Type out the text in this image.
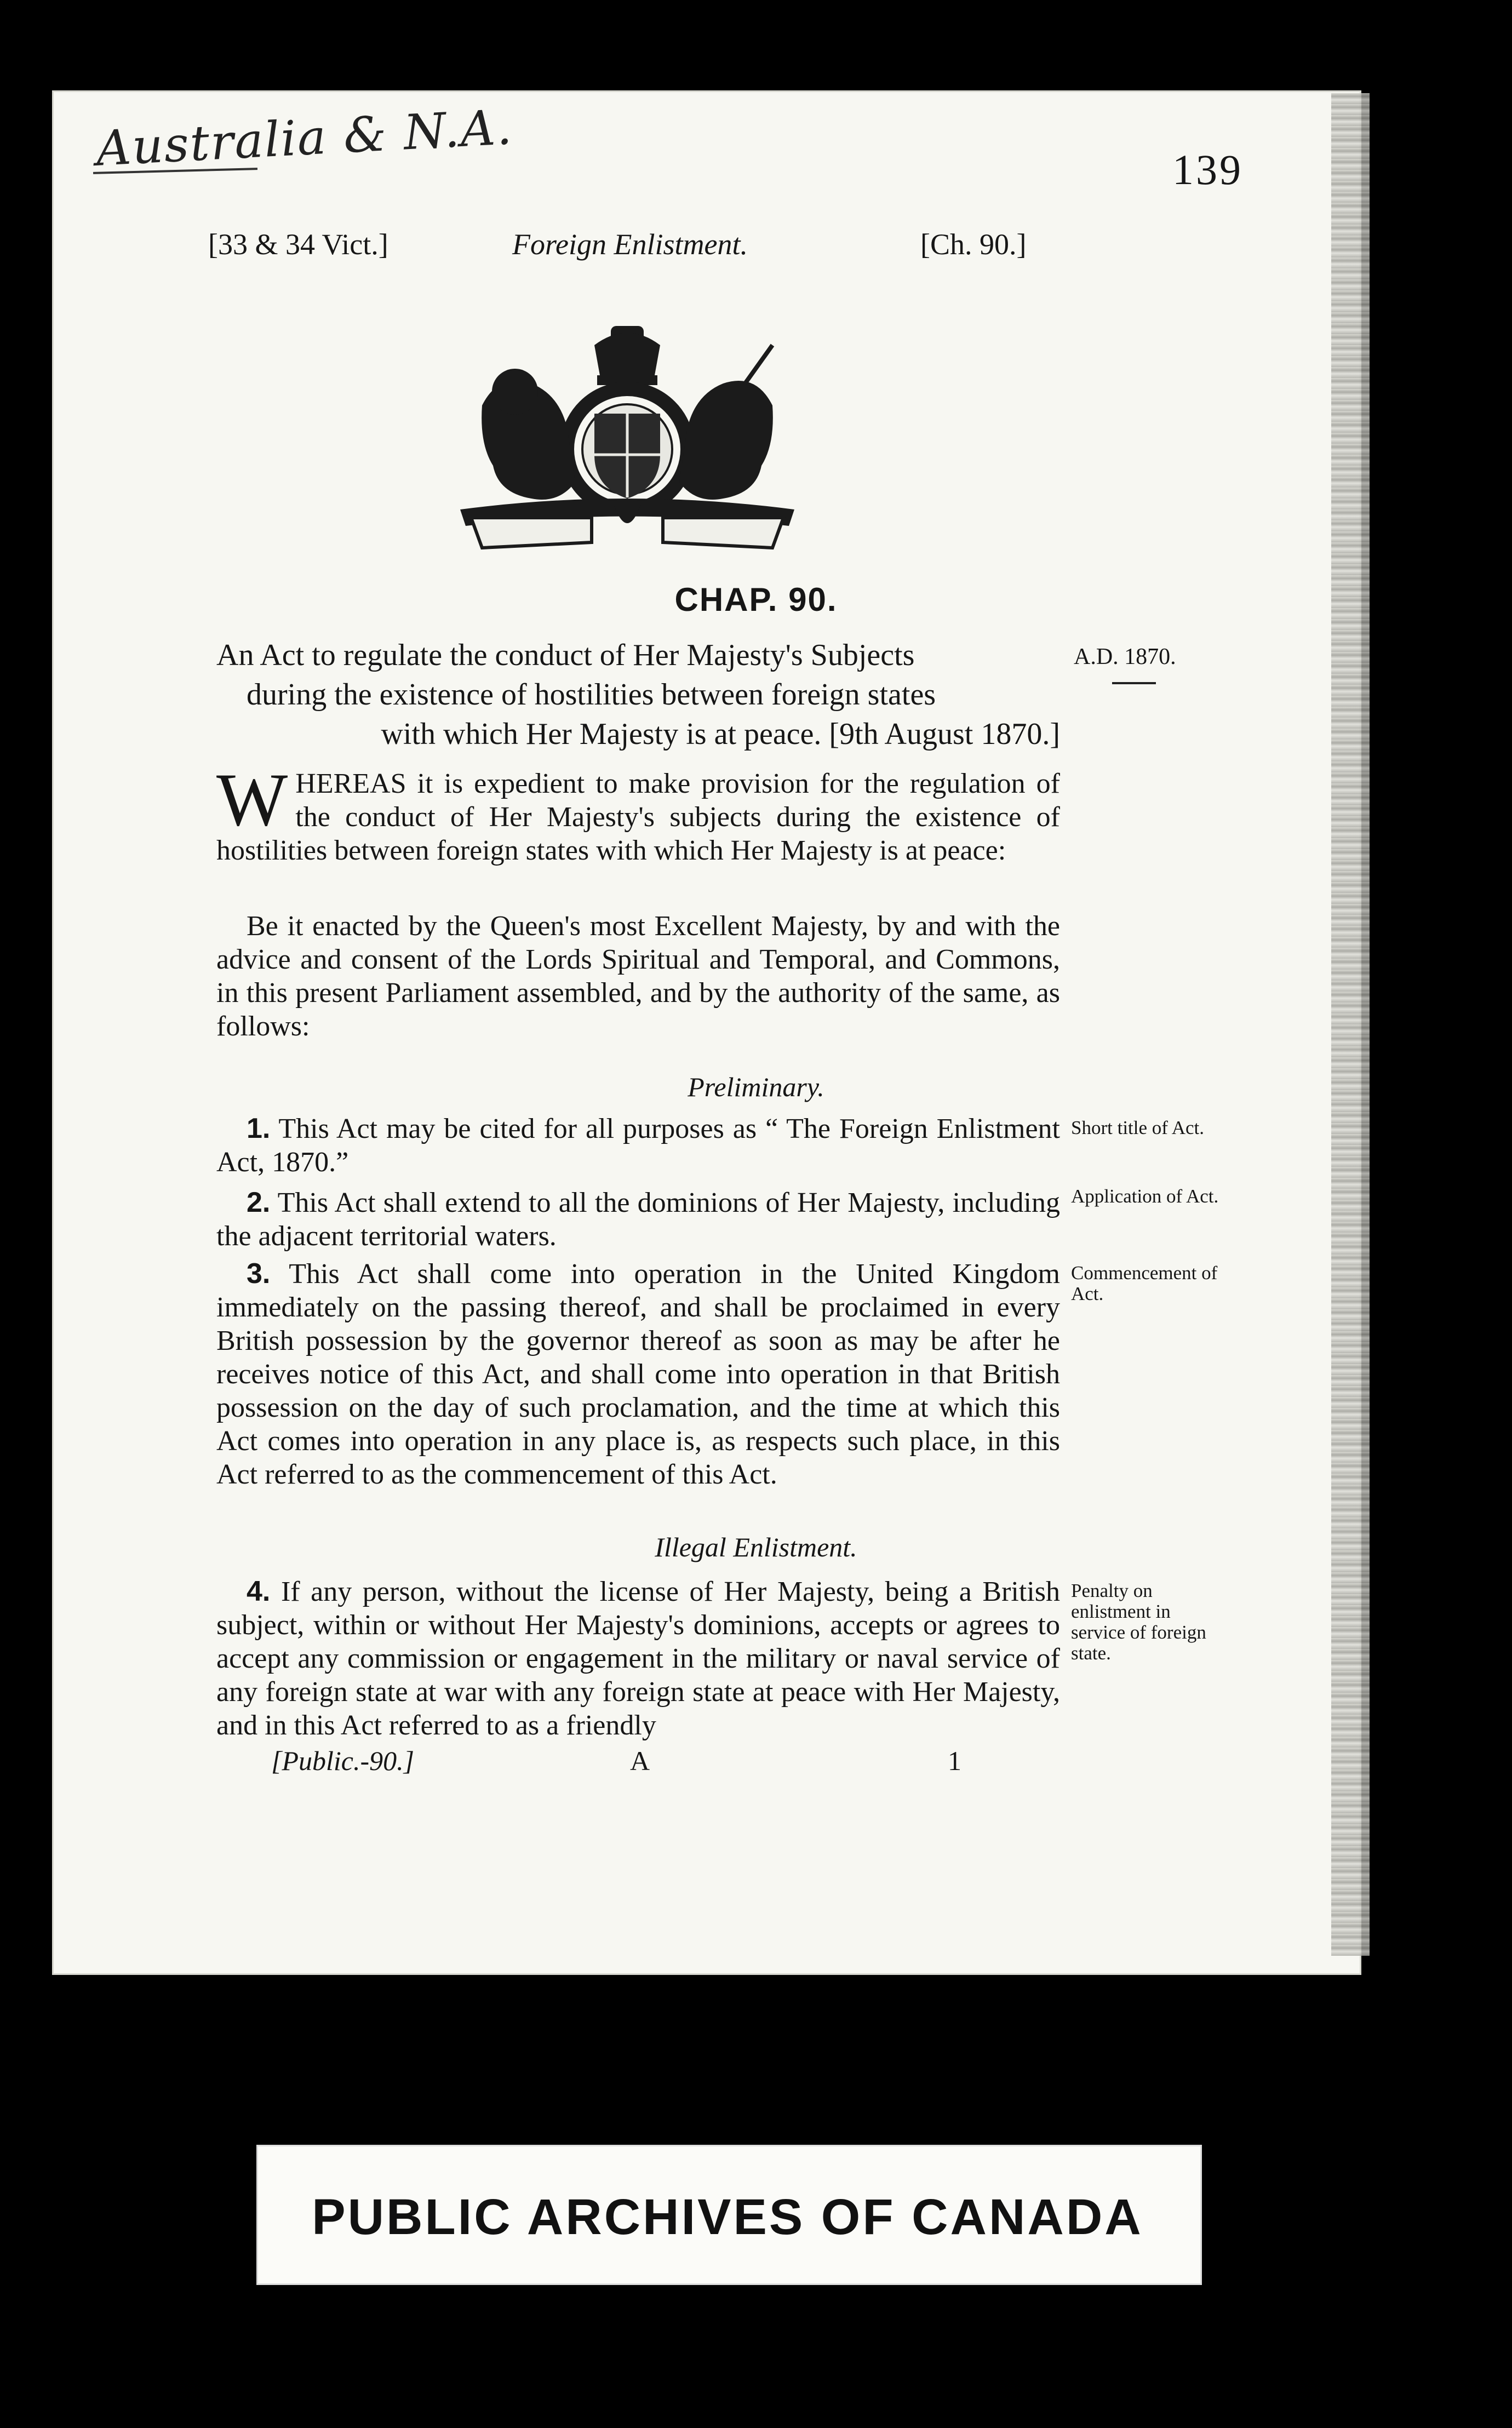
Australia & N.A.	139
[33 & 34 Vict.]	Foreign Enlistment.	[Ch. 90.]
CHAP. 90.
An Act to regulate the conduct of Her Majesty's Subjects
during the existence of hostilities between foreign states
with which Her Majesty is at peace. [9th August 1870.]
A.D. 1870.
W HEREAS it is expedient to make provision for the regulation of the conduct of Her Majesty's subjects during the existence of hostilities between foreign states with which Her Majesty is at peace:
Be it enacted by the Queen's most Excellent Majesty, by and with the advice and consent of the Lords Spiritual and Temporal, and Commons, in this present Parliament assembled, and by the authority of the same, as follows:
Preliminary.
1. This Act may be cited for all purposes as “ The Foreign Enlistment Act, 1870.”
Short title of Act.
2. This Act shall extend to all the dominions of Her Majesty, including the adjacent territorial waters.
Application of Act.
3. This Act shall come into operation in the United Kingdom immediately on the passing thereof, and shall be proclaimed in every British possession by the governor thereof as soon as may be after he receives notice of this Act, and shall come into operation in that British possession on the day of such proclamation, and the time at which this Act comes into operation in any place is, as respects such place, in this Act referred to as the commencement of this Act.
Commencement of Act.
Illegal Enlistment.
4. If any person, without the license of Her Majesty, being a British subject, within or without Her Majesty's dominions, accepts or agrees to accept any commission or engagement in the military or naval service of any foreign state at war with any foreign state at peace with Her Majesty, and in this Act referred to as a friendly
Penalty on enlistment in service of foreign state.
[Public.-90.]	A	1
PUBLIC ARCHIVES OF CANADA
